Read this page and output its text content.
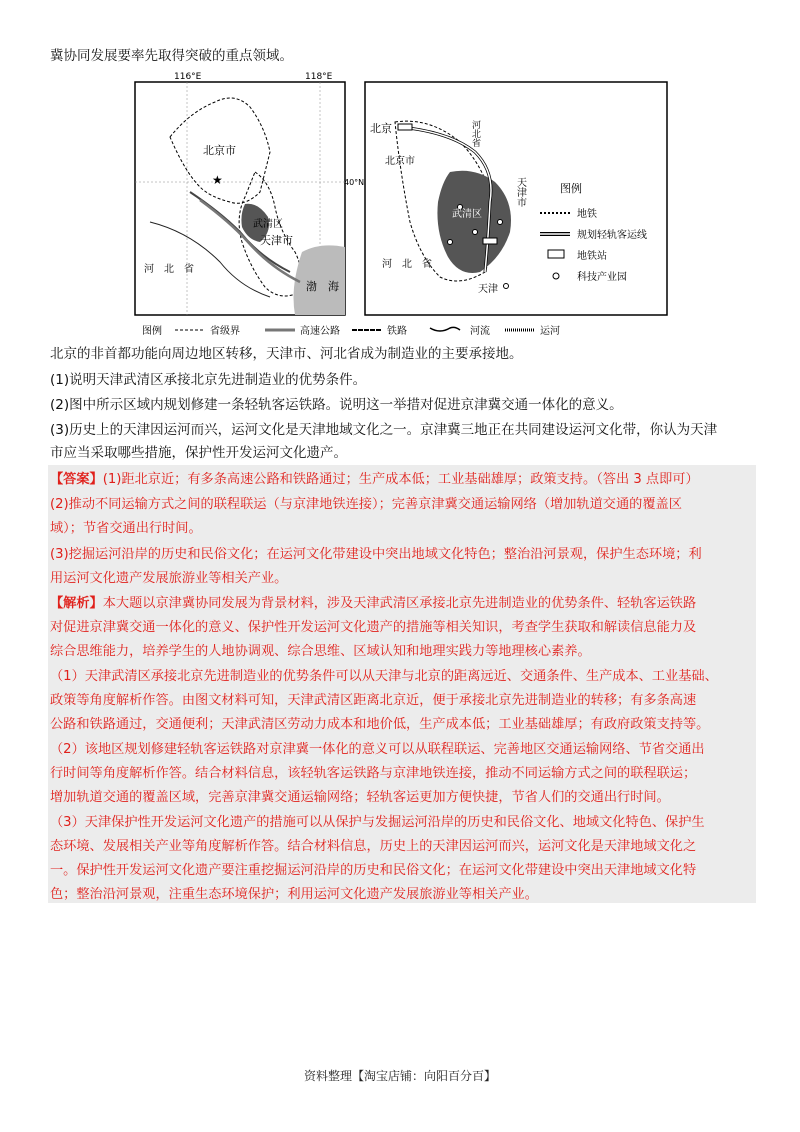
冀协同发展要率先取得突破的重点领域。
116°E	118°E
40°N
★
北京市
天津市
河　北　省
武清区
渤　海
北京
北京市
武清区
河　北　省
天津
河北省
天津市	图例
地铁
规划轻轨客运线
地铁站
科技产业园
图例	省级界	高速公路	铁路	河流	运河
北京的非首都功能向周边地区转移，天津市、河北省成为制造业的主要承接地。
(1)说明天津武清区承接北京先进制造业的优势条件。
(2)图中所示区域内规划修建一条轻轨客运铁路。说明这一举措对促进京津冀交通一体化的意义。
(3)历史上的天津因运河而兴，运河文化是天津地域文化之一。京津冀三地正在共同建设运河文化带，你认为天津
市应当采取哪些措施，保护性开发运河文化遗产。
【答案】(1)距北京近；有多条高速公路和铁路通过；生产成本低；工业基础雄厚；政策支持。（答出 3 点即可）
(2)推动不同运输方式之间的联程联运（与京津地铁连接）；完善京津冀交通运输网络（增加轨道交通的覆盖区
域）；节省交通出行时间。
(3)挖掘运河沿岸的历史和民俗文化；在运河文化带建设中突出地域文化特色；整治沿河景观，保护生态环境；利
用运河文化遗产发展旅游业等相关产业。
【解析】本大题以京津冀协同发展为背景材料，涉及天津武清区承接北京先进制造业的优势条件、轻轨客运铁路
对促进京津冀交通一体化的意义、保护性开发运河文化遗产的措施等相关知识，考查学生获取和解读信息能力及
综合思维能力，培养学生的人地协调观、综合思维、区域认知和地理实践力等地理核心素养。
（1）天津武清区承接北京先进制造业的优势条件可以从天津与北京的距离远近、交通条件、生产成本、工业基础、
政策等角度解析作答。由图文材料可知，天津武清区距离北京近，便于承接北京先进制造业的转移；有多条高速
公路和铁路通过，交通便利；天津武清区劳动力成本和地价低，生产成本低；工业基础雄厚；有政府政策支持等。
（2）该地区规划修建轻轨客运铁路对京津冀一体化的意义可以从联程联运、完善地区交通运输网络、节省交通出
行时间等角度解析作答。结合材料信息，该轻轨客运铁路与京津地铁连接，推动不同运输方式之间的联程联运；
增加轨道交通的覆盖区域，完善京津冀交通运输网络；轻轨客运更加方便快捷，节省人们的交通出行时间。
（3）天津保护性开发运河文化遗产的措施可以从保护与发掘运河沿岸的历史和民俗文化、地域文化特色、保护生
态环境、发展相关产业等角度解析作答。结合材料信息，历史上的天津因运河而兴，运河文化是天津地域文化之
一。保护性开发运河文化遗产要注重挖掘运河沿岸的历史和民俗文化；在运河文化带建设中突出天津地域文化特
色；整治沿河景观，注重生态环境保护；利用运河文化遗产发展旅游业等相关产业。
资料整理【淘宝店铺：向阳百分百】
